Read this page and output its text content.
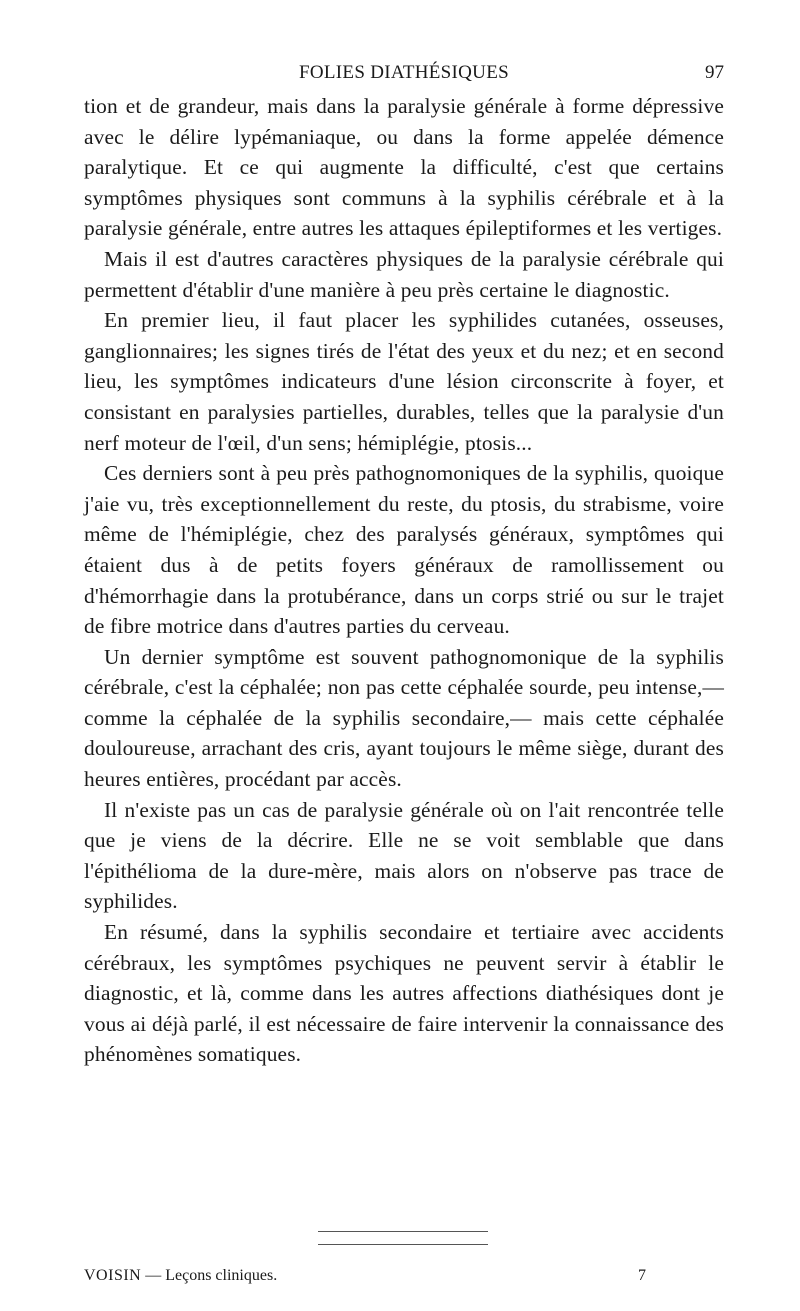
FOLIES DIATHÉSIQUES	97

tion et de grandeur, mais dans la paralysie générale à forme dépressive avec le délire lypémaniaque, ou dans la forme appelée démence paralytique. Et ce qui augmente la difficulté, c'est que certains symptômes physiques sont communs à la syphilis cérébrale et à la paralysie générale, entre autres les attaques épileptiformes et les vertiges.

Mais il est d'autres caractères physiques de la paralysie cérébrale qui permettent d'établir d'une manière à peu près certaine le diagnostic.

En premier lieu, il faut placer les syphilides cutanées, osseuses, ganglionnaires; les signes tirés de l'état des yeux et du nez; et en second lieu, les symptômes indicateurs d'une lésion circonscrite à foyer, et consistant en paralysies partielles, durables, telles que la paralysie d'un nerf moteur de l'œil, d'un sens; hémiplégie, ptosis...

Ces derniers sont à peu près pathognomoniques de la syphilis, quoique j'aie vu, très exceptionnellement du reste, du ptosis, du strabisme, voire même de l'hémiplégie, chez des paralysés généraux, symptômes qui étaient dus à de petits foyers généraux de ramollissement ou d'hémorrhagie dans la protubérance, dans un corps strié ou sur le trajet de fibre motrice dans d'autres parties du cerveau.

Un dernier symptôme est souvent pathognomonique de la syphilis cérébrale, c'est la céphalée; non pas cette céphalée sourde, peu intense,— comme la céphalée de la syphilis secondaire,— mais cette céphalée douloureuse, arrachant des cris, ayant toujours le même siège, durant des heures entières, procédant par accès.

Il n'existe pas un cas de paralysie générale où on l'ait rencontrée telle que je viens de la décrire. Elle ne se voit semblable que dans l'épithélioma de la dure-mère, mais alors on n'observe pas trace de syphilides.

En résumé, dans la syphilis secondaire et tertiaire avec accidents cérébraux, les symptômes psychiques ne peuvent servir à établir le diagnostic, et là, comme dans les autres affections diathésiques dont je vous ai déjà parlé, il est nécessaire de faire intervenir la connaissance des phénomènes somatiques.

VOISIN — Leçons cliniques.	7
